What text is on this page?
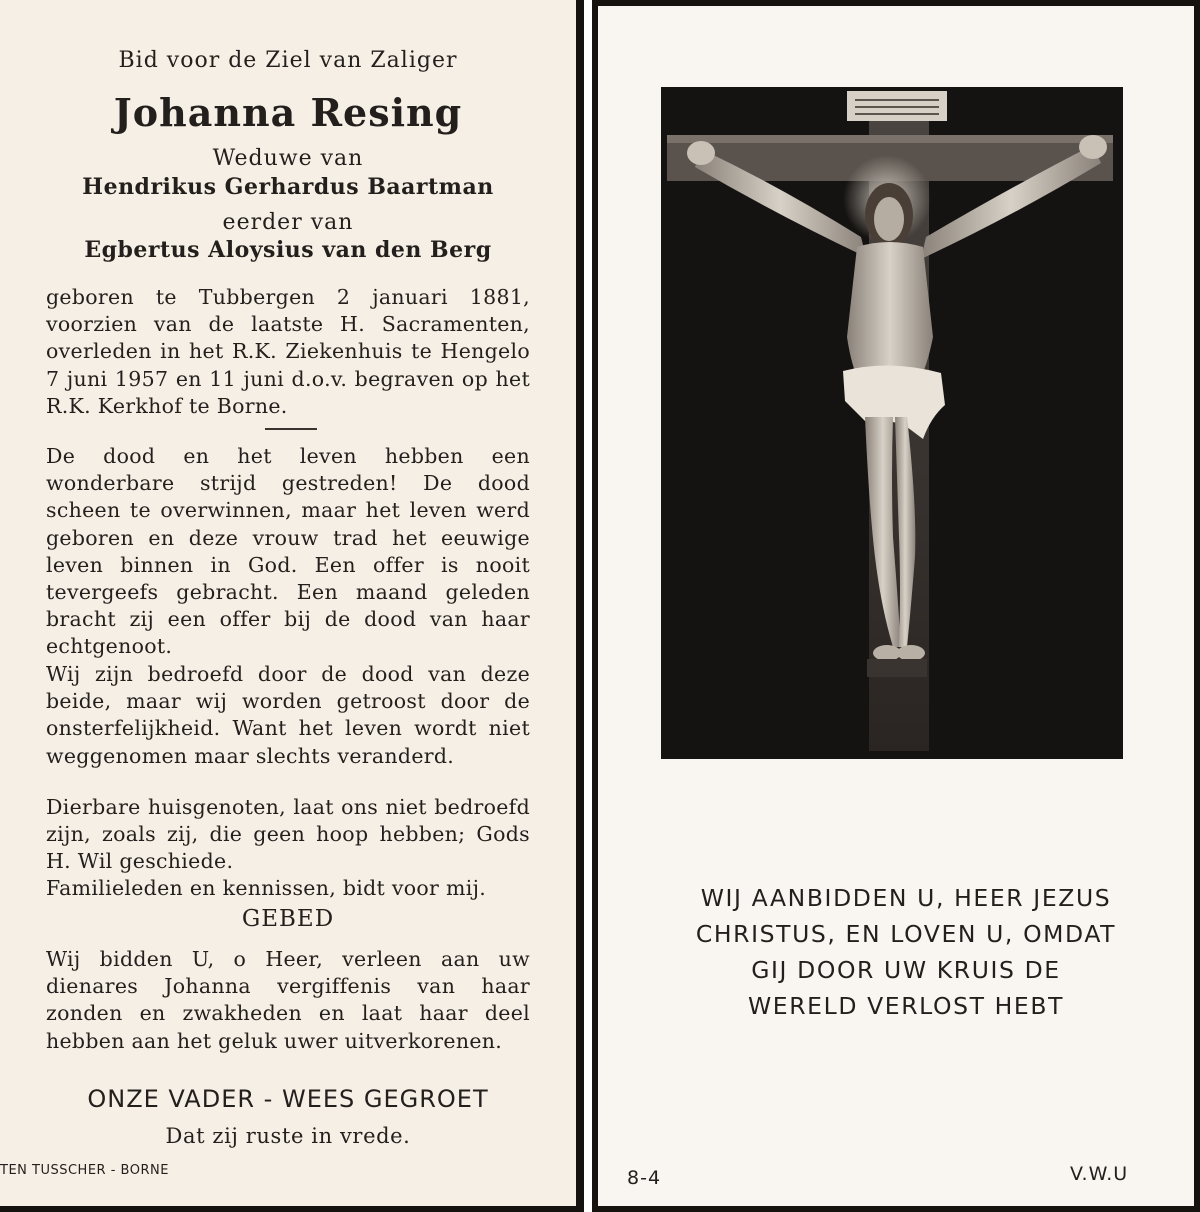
Bid voor de Ziel van Zaliger
Johanna Resing
Weduwe van
Hendrikus Gerhardus Baartman
eerder van
Egbertus Aloysius van den Berg
geboren te Tubbergen 2 januari 1881, voorzien van de laatste H. Sacramenten, overleden in het R.K. Ziekenhuis te Hengelo 7 juni 1957 en 11 juni d.o.v. begraven op het R.K. Kerkhof te Borne.
De dood en het leven hebben een wonderbare strijd gestreden! De dood scheen te overwinnen, maar het leven werd geboren en deze vrouw trad het eeuwige leven binnen in God. Een offer is nooit tevergeefs gebracht. Een maand geleden bracht zij een offer bij de dood van haar echtgenoot.
Wij zijn bedroefd door de dood van deze beide, maar wij worden getroost door de onsterfelijkheid. Want het leven wordt niet weggenomen maar slechts veranderd.
Dierbare huisgenoten, laat ons niet bedroefd zijn, zoals zij, die geen hoop hebben; Gods H. Wil geschiede.
Familieleden en kennissen, bidt voor mij.
GEBED
Wij bidden U, o Heer, verleen aan uw dienares Johanna vergiffenis van haar zonden en zwakheden en laat haar deel hebben aan het geluk uwer uitverkorenen.
ONZE VADER - WEES GEGROET
Dat zij ruste in vrede.
TEN TUSSCHER - BORNE
WIJ AANBIDDEN U, HEER JEZUS
CHRISTUS, EN LOVEN U, OMDAT
GIJ DOOR UW KRUIS DE
WERELD VERLOST HEBT
8-4	V.W.U
